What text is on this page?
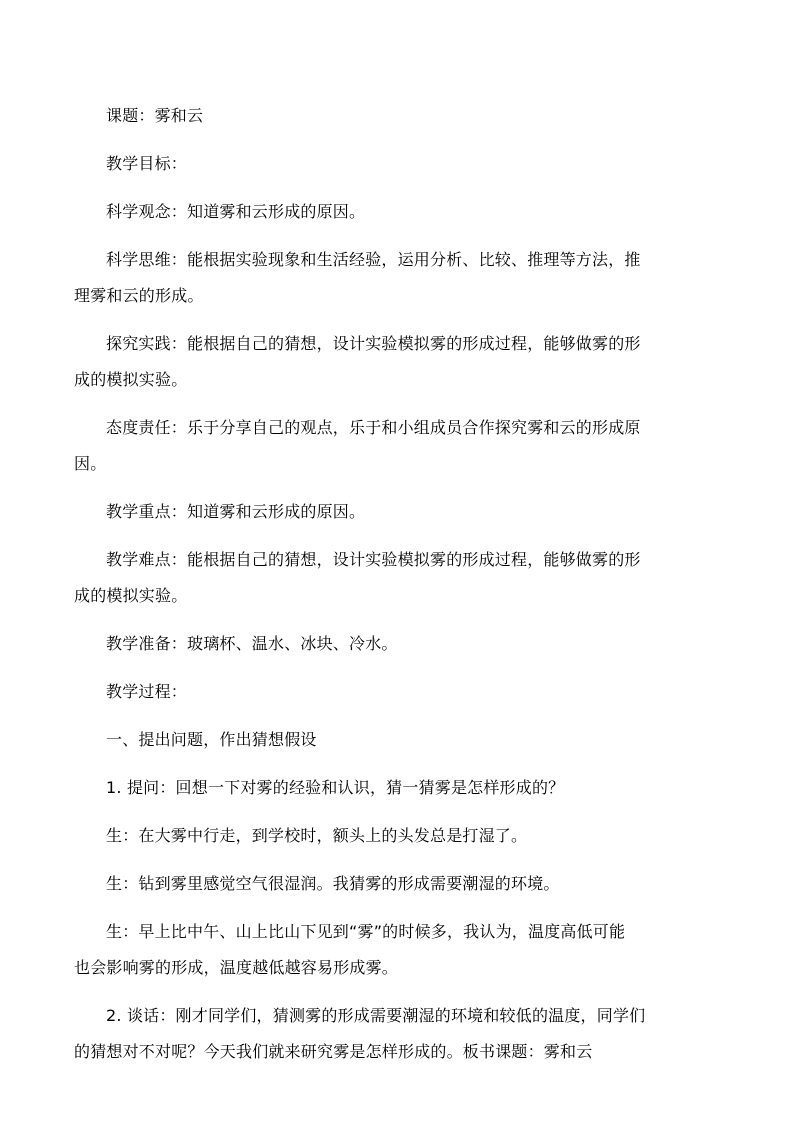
课题：雾和云
教学目标：
科学观念：知道雾和云形成的原因。
科学思维：能根据实验现象和生活经验，运用分析、比较、推理等方法，推
理雾和云的形成。
探究实践：能根据自己的猜想，设计实验模拟雾的形成过程，能够做雾的形
成的模拟实验。
态度责任：乐于分享自己的观点，乐于和小组成员合作探究雾和云的形成原
因。
教学重点：知道雾和云形成的原因。
教学难点：能根据自己的猜想，设计实验模拟雾的形成过程，能够做雾的形
成的模拟实验。
教学准备：玻璃杯、温水、冰块、冷水。
教学过程：
一、提出问题，作出猜想假设
1. 提问：回想一下对雾的经验和认识，猜一猜雾是怎样形成的？
生：在大雾中行走，到学校时，额头上的头发总是打湿了。
生：钻到雾里感觉空气很湿润。我猜雾的形成需要潮湿的环境。
生：早上比中午、山上比山下见到“雾”的时候多，我认为，温度高低可能
也会影响雾的形成，温度越低越容易形成雾。
2. 谈话：刚才同学们，猜测雾的形成需要潮湿的环境和较低的温度，同学们
的猜想对不对呢？今天我们就来研究雾是怎样形成的。板书课题：雾和云
